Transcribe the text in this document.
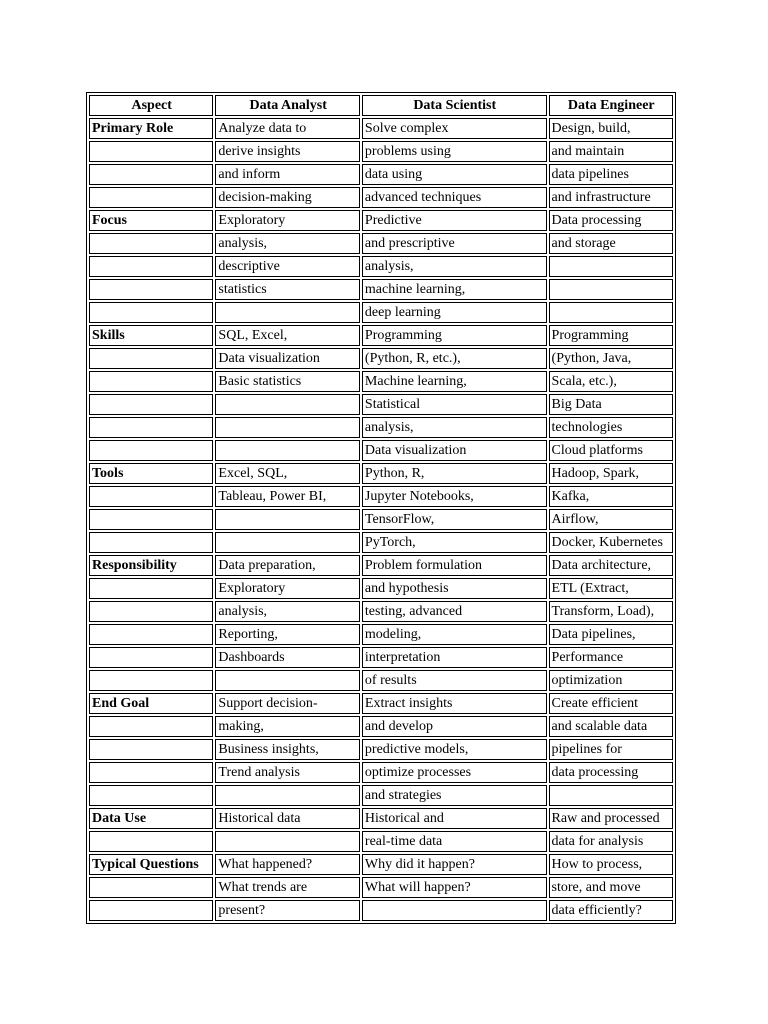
Aspect	Data Analyst	Data Scientist	Data Engineer
Primary Role	Analyze data to	Solve complex	Design, build,
	derive insights	problems using	and maintain
	and inform	data using	data pipelines
	decision-making	advanced techniques	and infrastructure
Focus	Exploratory	Predictive	Data processing
	analysis,	and prescriptive	and storage
	descriptive	analysis,	
	statistics	machine learning,	
		deep learning	
Skills	SQL, Excel,	Programming	Programming
	Data visualization	(Python, R, etc.),	(Python, Java,
	Basic statistics	Machine learning,	Scala, etc.),
		Statistical	Big Data
		analysis,	technologies
		Data visualization	Cloud platforms
Tools	Excel, SQL,	Python, R,	Hadoop, Spark,
	Tableau, Power BI,	Jupyter Notebooks,	Kafka,
		TensorFlow,	Airflow,
		PyTorch,	Docker, Kubernetes
Responsibility	Data preparation,	Problem formulation	Data architecture,
	Exploratory	and hypothesis	ETL (Extract,
	analysis,	testing, advanced	Transform, Load),
	Reporting,	modeling,	Data pipelines,
	Dashboards	interpretation	Performance
		of results	optimization
End Goal	Support decision-	Extract insights	Create efficient
	making,	and develop	and scalable data
	Business insights,	predictive models,	pipelines for
	Trend analysis	optimize processes	data processing
		and strategies	
Data Use	Historical data	Historical and	Raw and processed
		real-time data	data for analysis
Typical Questions	What happened?	Why did it happen?	How to process,
	What trends are	What will happen?	store, and move
	present?		data efficiently?
